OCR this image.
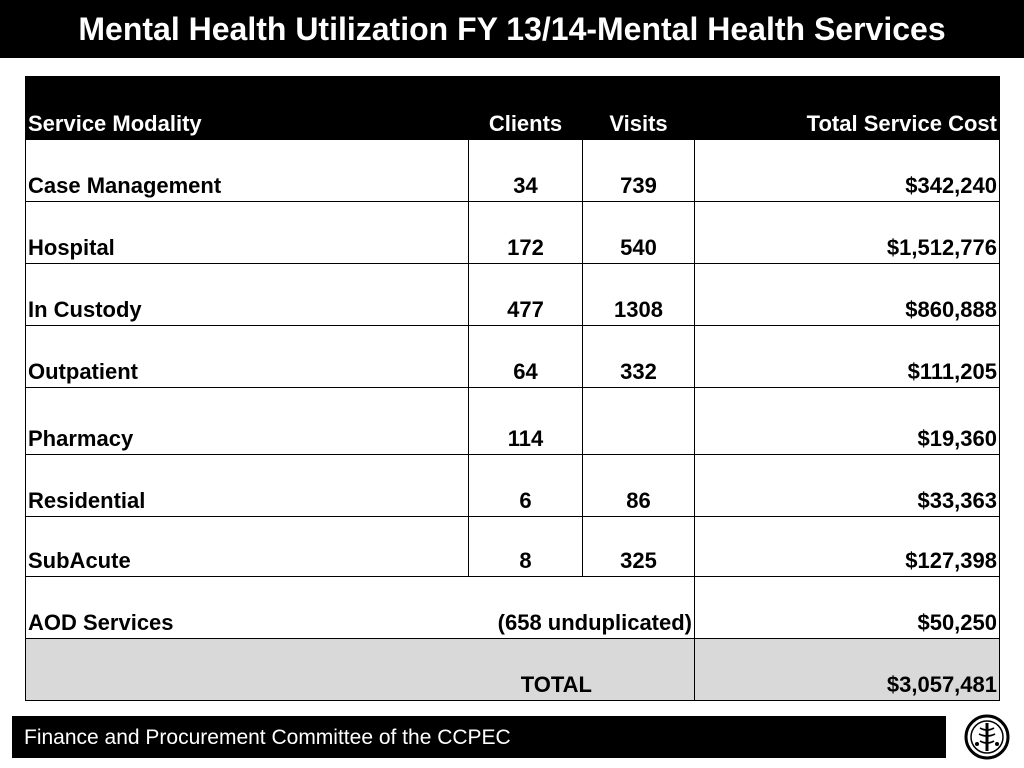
Mental Health Utilization FY 13/14-Mental Health Services
Service Modality	Clients	Visits	Total Service Cost
Case Management	34	739	$342,240
Hospital	172	540	$1,512,776
In Custody	477	1308	$860,888
Outpatient	64	332	$111,205
Pharmacy	114		$19,360
Residential	6	86	$33,363
SubAcute	8	325	$127,398
AOD Services	(658 unduplicated)		$50,250
TOTAL			$3,057,481
Finance and Procurement Committee of the CCPEC
